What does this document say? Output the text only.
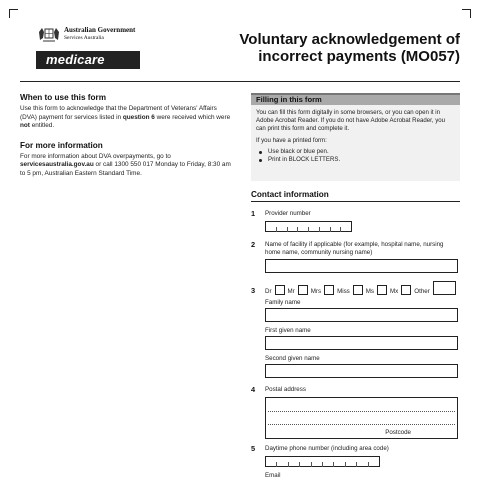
Australian Government
Services Australia
medicare
Voluntary acknowledgement of incorrect payments (MO057)
When to use this form

Use this form to acknowledge that the Department of Veterans' Affairs (DVA) payment for services listed in question 6 were received which were not entitled.

For more information

For more information about DVA overpayments, go to servicesaustralia.gov.au or call 1300 550 017 Monday to Friday, 8:30 am to 5 pm, Australian Eastern Standard Time.

Filling in this form

You can fill this form digitally in some browsers, or you can open it in Adobe Acrobat Reader. If you do not have Adobe Acrobat Reader, you can print this form and complete it.

If you have a printed form:

Use black or blue pen.
Print in BLOCK LETTERS.
Contact information
1 Provider number
2 Name of facility if applicable (for example, hospital name, nursing home name, community nursing name)
3 Dr	Mr	Mrs	Miss	Ms	Mx	Other
Family name
First given name
Second given name
4 Postal address
Postcode
5 Daytime phone number (including area code)
Email
